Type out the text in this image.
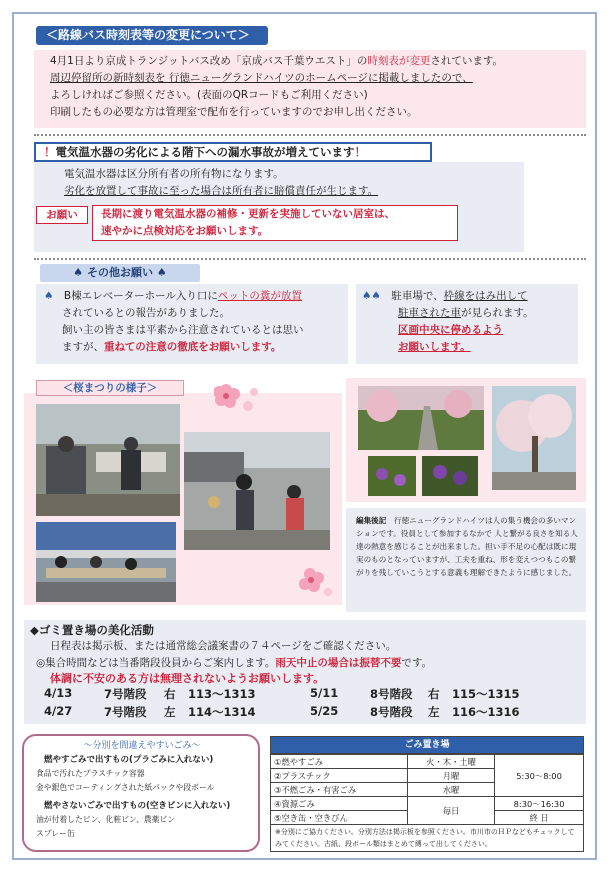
＜路線バス時刻表等の変更について＞
4月1日より京成トランジットバス改め「京成バス千葉ウエスト」の時刻表が変更されています。
周辺停留所の新時刻表を 行徳ニューグランドハイツのホームページに掲載しましたので、
よろしければご参照ください。(表面のQRコードもご利用ください)
印刷したもの必要な方は管理室で配布を行っていますのでお申し出ください。
！電気温水器の劣化による階下への漏水事故が増えています！
電気温水器は区分所有者の所有物になります。
劣化を放置して事故に至った場合は所有者に賠償責任が生じます。
お願い	長期に渡り電気温水器の補修・更新を実施していない居室は、
速やかに点検対応をお願いします。
♠ その他お願い ♠
♠　 B棟エレベーターホール入り口にペットの糞が放置
されているとの報告がありました。
飼い主の皆さまは平素から注意されているとは思い
ますが、重ねての注意の徹底をお願いします。
♠♠　 駐車場で、枠線をはみ出して
駐車された車が見られます。
区画中央に停めるよう
お願いします。
＜桜まつりの様子＞
編集後記　 行徳ニューグランドハイツは人の集う機会の多いマンションです。役員として参加するなかで 人と繋がる良さを知る人達の熱意を感じることが出来ました。担い手不足の心配は既に現実のものとなっていますが、工夫を重ね、形を変えつつもこの繋がりを残していこうとする意義も理解できたように感じました。
◆ゴミ置き場の美化活動
日程表は掲示板、または通常総会議案書の７４ページをご確認ください。
◎集合時間などは当番階段役員からご案内します。雨天中止の場合は振替不要です。
体調に不安のある方は無理されないようお願いします。
4/13	7号階段 右 113～1313	5/11	8号階段 右 115～1315
4/27	7号階段 左 114～1314	5/25	8号階段 左 116～1316
～分別を間違えやすいごみ～
燃やすごみで出すもの(プラごみに入れない)
食品で汚れたプラスチック容器
金や銀色でコーティングされた紙パックや段ボール
燃やさないごみで出すもの(空きビンに入れない)
油が付着したビン、化粧ビン、農薬ビン
スプレー缶
ごみ置き場
①燃やすごみ	火・木・土曜	5:30～8:00
②プラスチック	月曜	
③不燃ごみ・有害ごみ	水曜	
④資源ごみ	毎日	8:30～16:30
⑤空き缶・空きびん		終 日
※分別にご協力ください。分別方法は掲示板を参照ください。市川市のＨＰなどもチェックしてみてください。古紙、段ボール類はまとめて縛って出してください。
